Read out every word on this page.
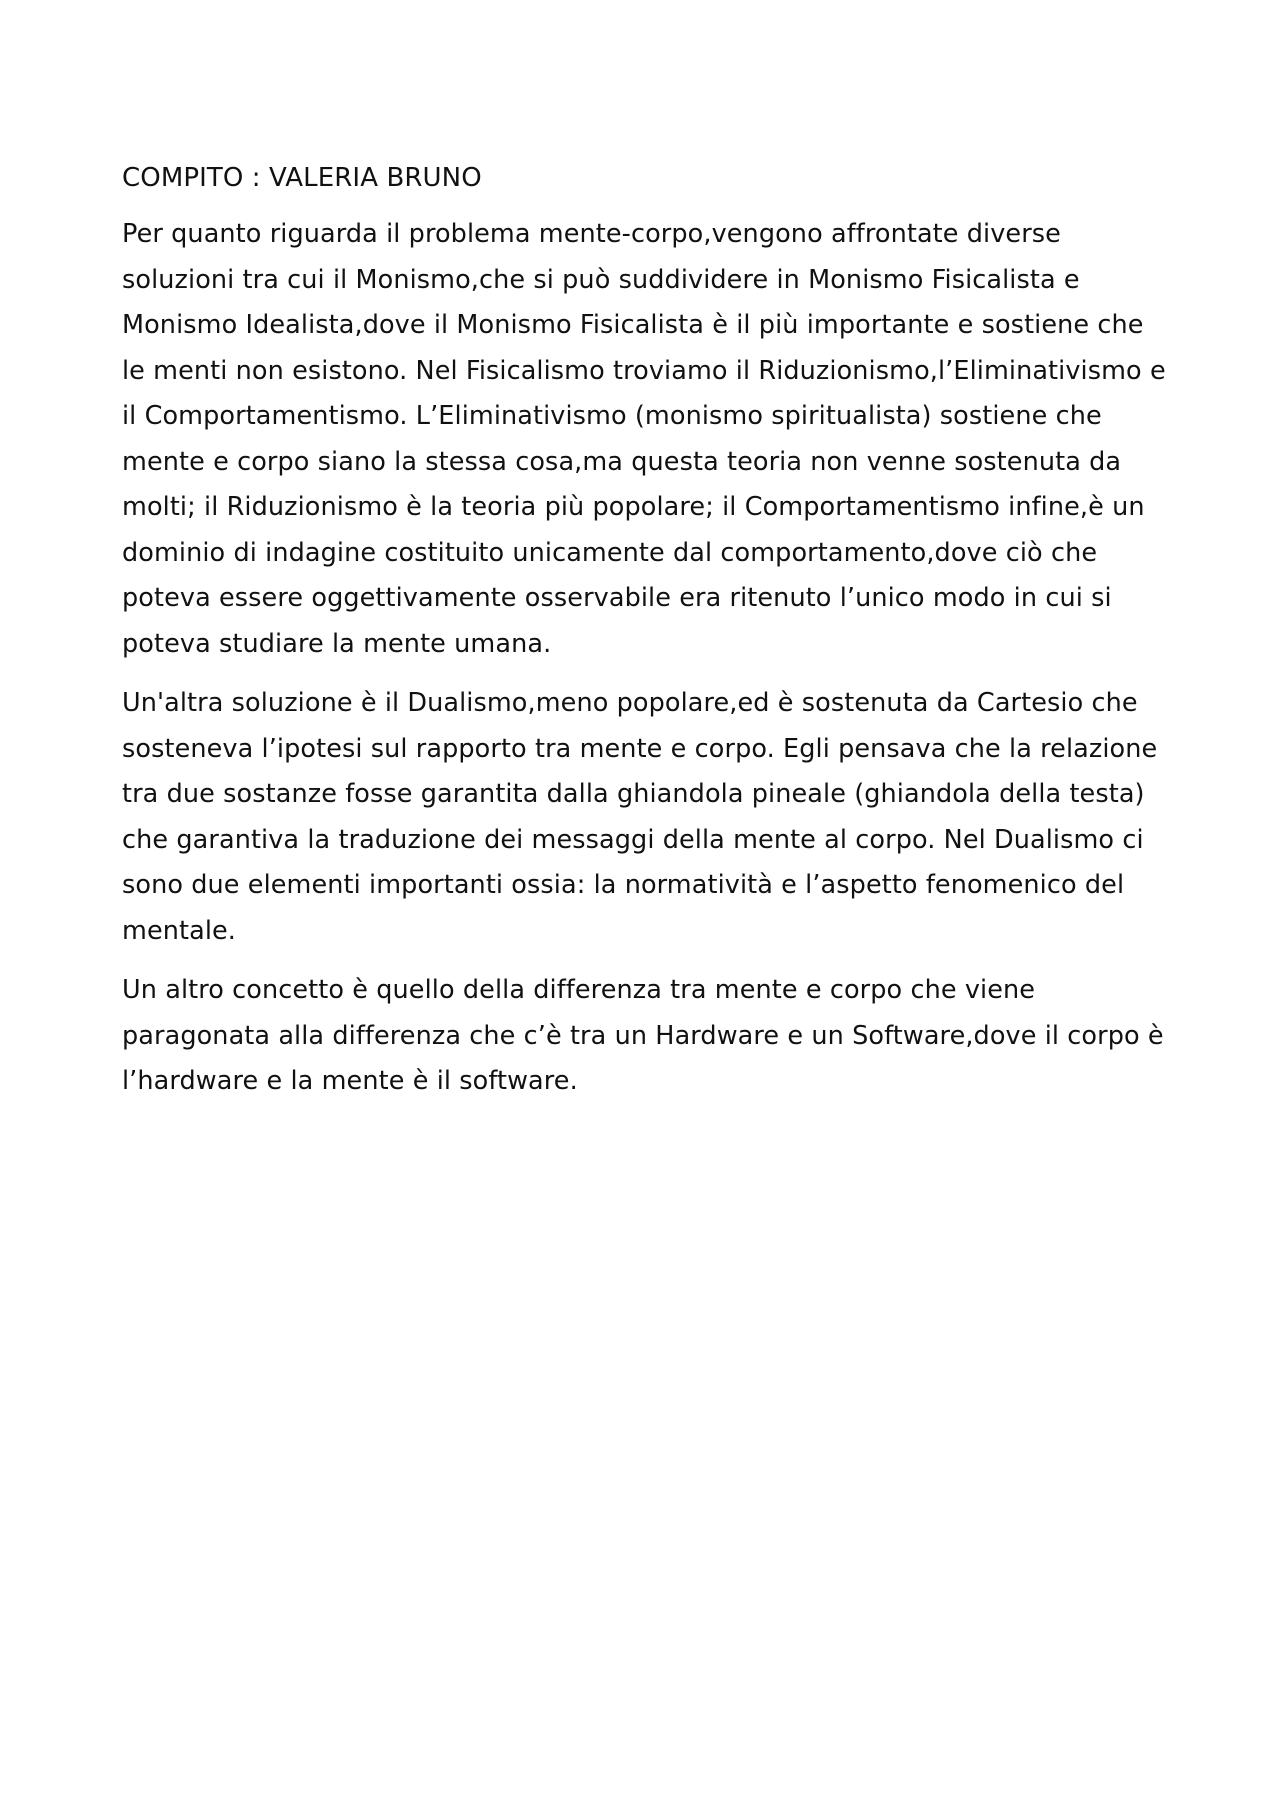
COMPITO : VALERIA BRUNO

Per quanto riguarda il problema mente-corpo,vengono affrontate diverse soluzioni tra cui il Monismo,che si può suddividere in Monismo Fisicalista e Monismo Idealista,dove il Monismo Fisicalista è il più importante e sostiene che le menti non esistono. Nel Fisicalismo troviamo il Riduzionismo,l’Eliminativismo e il Comportamentismo. L’Eliminativismo (monismo spiritualista) sostiene che mente e corpo siano la stessa cosa,ma questa teoria non venne sostenuta da molti; il Riduzionismo è la teoria più popolare; il Comportamentismo infine,è un dominio di indagine costituito unicamente dal comportamento,dove ciò che poteva essere oggettivamente osservabile era ritenuto l’unico modo in cui si poteva studiare la mente umana.

Un'altra soluzione è il Dualismo,meno popolare,ed è sostenuta da Cartesio che sosteneva l’ipotesi sul rapporto tra mente e corpo. Egli pensava che la relazione tra due sostanze fosse garantita dalla ghiandola pineale (ghiandola della testa) che garantiva la traduzione dei messaggi della mente al corpo. Nel Dualismo ci sono due elementi importanti ossia: la normatività e l’aspetto fenomenico del mentale.

Un altro concetto è quello della differenza tra mente e corpo che viene paragonata alla differenza che c’è tra un Hardware e un Software,dove il corpo è l’hardware e la mente è il software.
